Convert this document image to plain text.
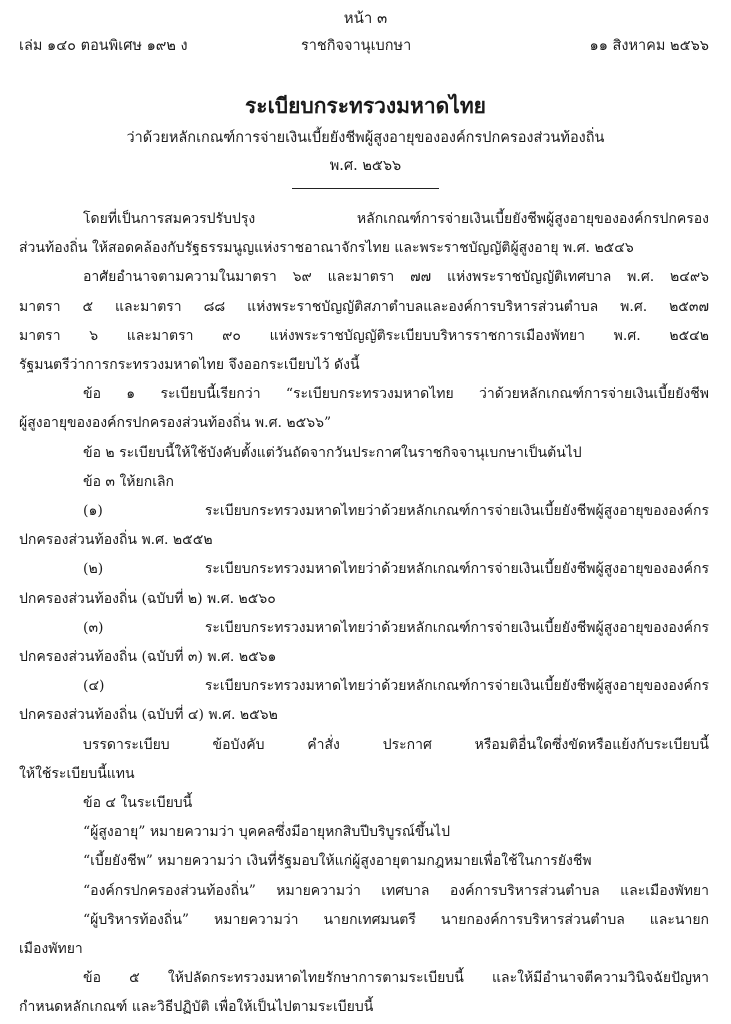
หน้า ๓
เล่ม ๑๔๐ ตอนพิเศษ ๑๙๒ ง	ราชกิจจานุเบกษา	๑๑ สิงหาคม ๒๕๖๖
ระเบียบกระทรวงมหาดไทย
ว่าด้วยหลักเกณฑ์การจ่ายเงินเบี้ยยังชีพผู้สูงอายุขององค์กรปกครองส่วนท้องถิ่น
พ.ศ. ๒๕๖๖

โดยที่เป็นการสมควรปรับปรุง หลักเกณฑ์การจ่ายเงินเบี้ยยังชีพผู้สูงอายุขององค์กรปกครอง

ส่วนท้องถิ่น ให้สอดคล้องกับรัฐธรรมนูญแห่งราชอาณาจักรไทย และพระราชบัญญัติผู้สูงอายุ พ.ศ. ๒๕๔๖

อาศัยอำนาจตามความในมาตรา ๖๙ และมาตรา ๗๗ แห่งพระราชบัญญัติเทศบาล พ.ศ. ๒๔๙๖

มาตรา ๕ และมาตรา ๘๘ แห่งพระราชบัญญัติสภาตำบลและองค์การบริหารส่วนตำบล พ.ศ. ๒๕๓๗

มาตรา ๖ และมาตรา ๙๐ แห่งพระราชบัญญัติระเบียบบริหารราชการเมืองพัทยา พ.ศ. ๒๕๔๒

รัฐมนตรีว่าการกระทรวงมหาดไทย จึงออกระเบียบไว้ ดังนี้

ข้อ ๑ ระเบียบนี้เรียกว่า “ระเบียบกระทรวงมหาดไทย ว่าด้วยหลักเกณฑ์การจ่ายเงินเบี้ยยังชีพ

ผู้สูงอายุขององค์กรปกครองส่วนท้องถิ่น พ.ศ. ๒๕๖๖”

ข้อ ๒ ระเบียบนี้ให้ใช้บังคับตั้งแต่วันถัดจากวันประกาศในราชกิจจานุเบกษาเป็นต้นไป

ข้อ ๓ ให้ยกเลิก

(๑) ระเบียบกระทรวงมหาดไทยว่าด้วยหลักเกณฑ์การจ่ายเงินเบี้ยยังชีพผู้สูงอายุขององค์กร

ปกครองส่วนท้องถิ่น พ.ศ. ๒๕๕๒

(๒) ระเบียบกระทรวงมหาดไทยว่าด้วยหลักเกณฑ์การจ่ายเงินเบี้ยยังชีพผู้สูงอายุขององค์กร

ปกครองส่วนท้องถิ่น (ฉบับที่ ๒) พ.ศ. ๒๕๖๐

(๓) ระเบียบกระทรวงมหาดไทยว่าด้วยหลักเกณฑ์การจ่ายเงินเบี้ยยังชีพผู้สูงอายุขององค์กร

ปกครองส่วนท้องถิ่น (ฉบับที่ ๓) พ.ศ. ๒๕๖๑

(๔) ระเบียบกระทรวงมหาดไทยว่าด้วยหลักเกณฑ์การจ่ายเงินเบี้ยยังชีพผู้สูงอายุขององค์กร

ปกครองส่วนท้องถิ่น (ฉบับที่ ๔) พ.ศ. ๒๕๖๒

บรรดาระเบียบ ข้อบังคับ คำสั่ง ประกาศ หรือมติอื่นใดซึ่งขัดหรือแย้งกับระเบียบนี้

ให้ใช้ระเบียบนี้แทน

ข้อ ๔ ในระเบียบนี้

“ผู้สูงอายุ” หมายความว่า บุคคลซึ่งมีอายุหกสิบปีบริบูรณ์ขึ้นไป

“เบี้ยยังชีพ” หมายความว่า เงินที่รัฐมอบให้แก่ผู้สูงอายุตามกฎหมายเพื่อใช้ในการยังชีพ

“องค์กรปกครองส่วนท้องถิ่น” หมายความว่า เทศบาล องค์การบริหารส่วนตำบล และเมืองพัทยา

“ผู้บริหารท้องถิ่น” หมายความว่า นายกเทศมนตรี นายกองค์การบริหารส่วนตำบล และนายก

เมืองพัทยา

ข้อ ๕ ให้ปลัดกระทรวงมหาดไทยรักษาการตามระเบียบนี้ และให้มีอำนาจตีความวินิจฉัยปัญหา

กำหนดหลักเกณฑ์ และวิธีปฏิบัติ เพื่อให้เป็นไปตามระเบียบนี้
